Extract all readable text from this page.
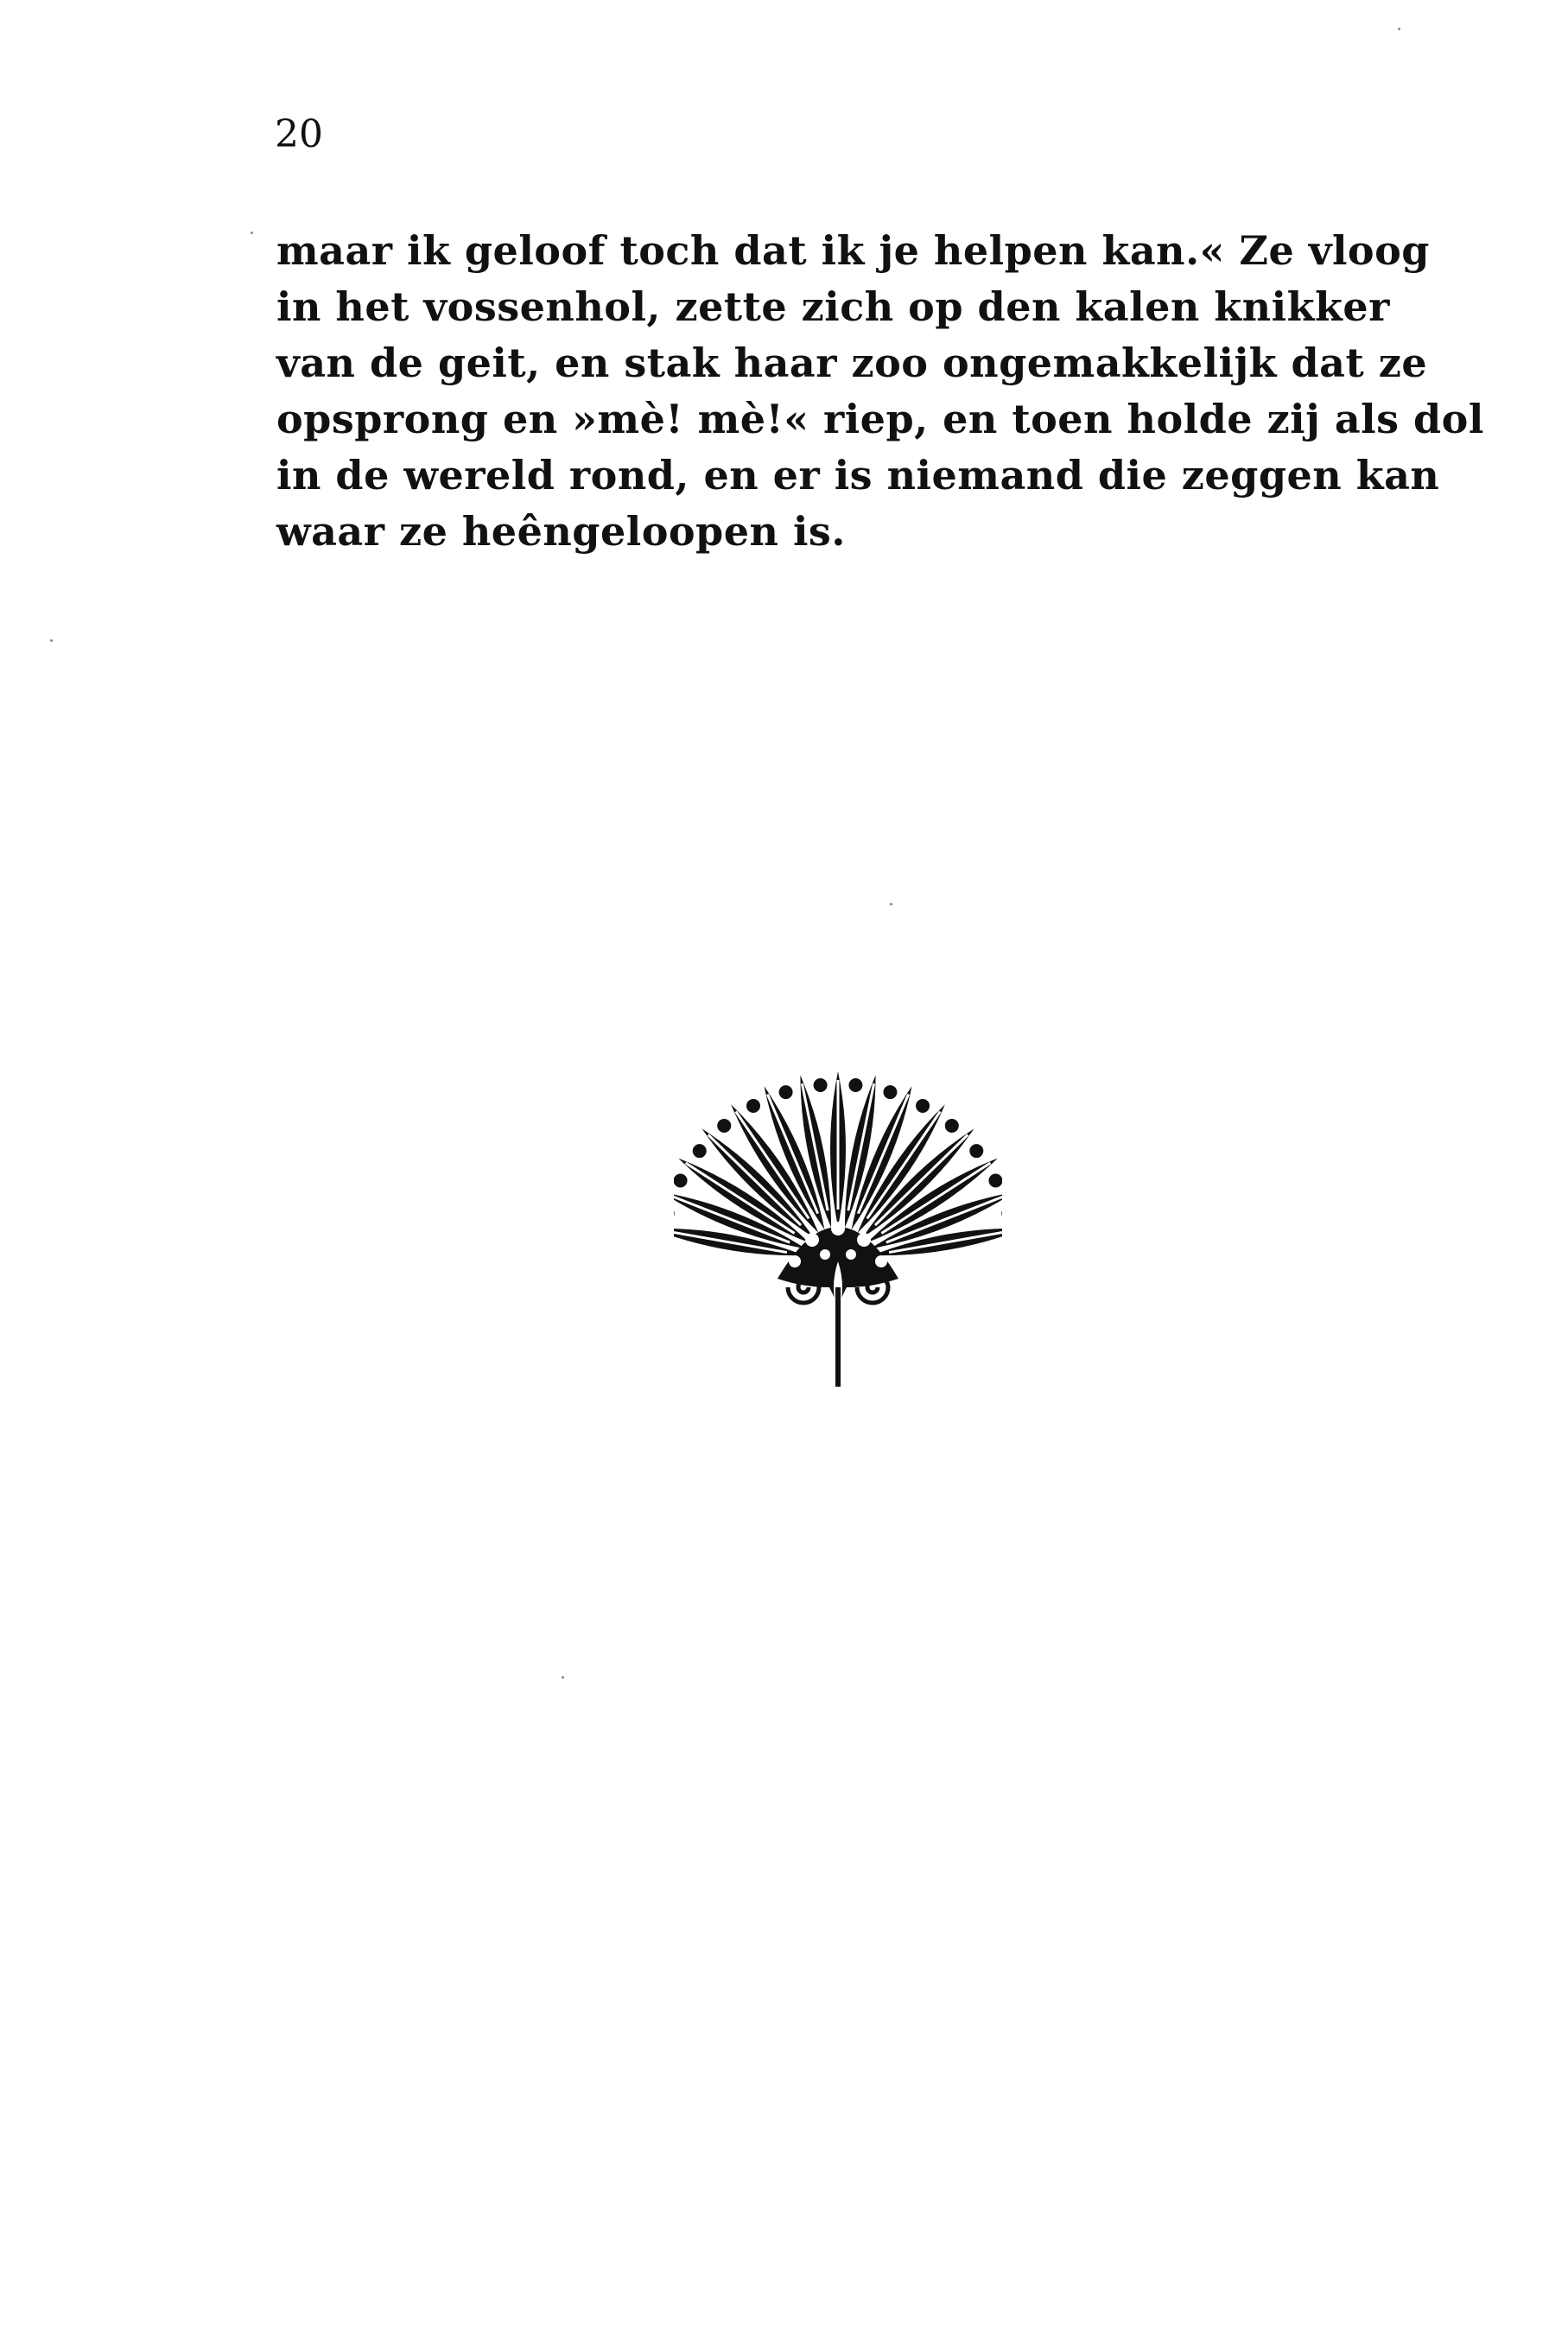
20
maar ik geloof toch dat ik je helpen kan.« Ze vloog
in het vossenhol, zette zich op den kalen knikker
van de geit, en stak haar zoo ongemakkelijk dat ze
opsprong en »mè! mè!« riep, en toen holde zij als dol
in de wereld rond, en er is niemand die zeggen kan
waar ze heêngeloopen is.
